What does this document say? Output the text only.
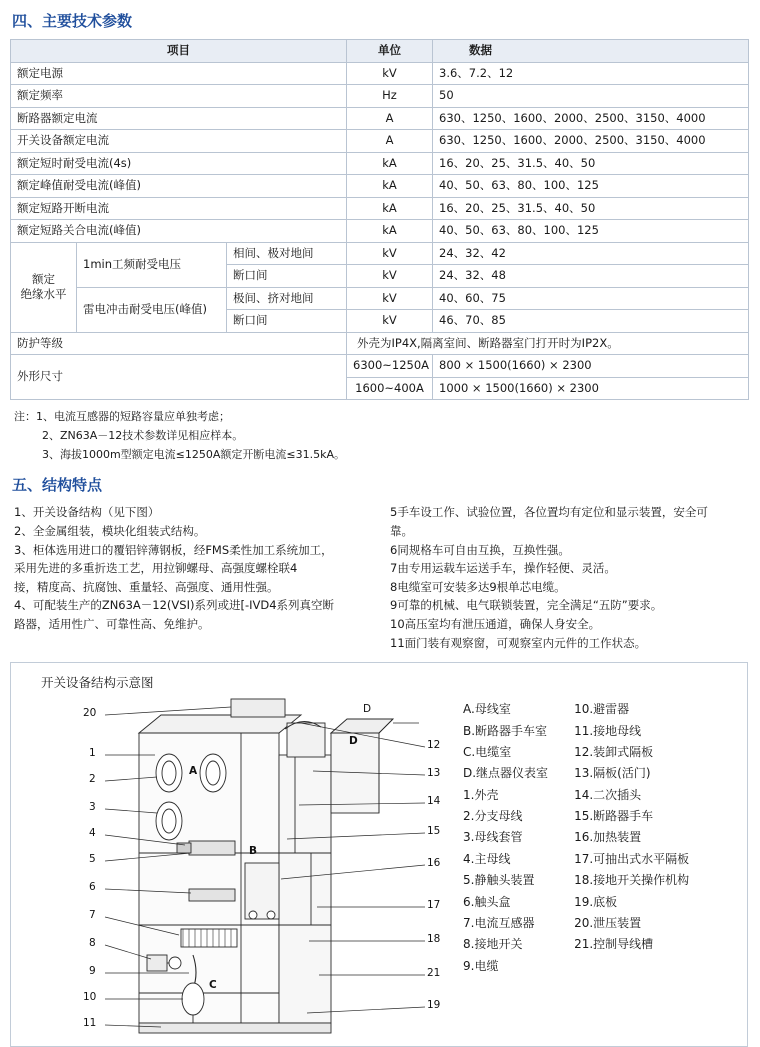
四、主要技术参数
项目			单位	数据
额定电源			kV	3.6、7.2、12
额定频率			Hz	50
断路器额定电流			A	630、1250、1600、2000、2500、3150、4000
开关设备额定电流			A	630、1250、1600、2000、2500、3150、4000
额定短时耐受电流(4s)			kA	16、20、25、31.5、40、50
额定峰值耐受电流(峰值)			kA	40、50、63、80、100、125
额定短路开断电流			kA	16、20、25、31.5、40、50
额定短路关合电流(峰值)			kA	40、50、63、80、100、125

额定
绝缘水平	1min工频耐受电压	相间、极对地间	kV	24、32、42
		断口间	kV	24、32、48
	雷电冲击耐受电压(峰值)	极间、挤对地间	kV	40、60、75
		断口间	kV	46、70、85
防护等级			外壳为IP4X,隔离室间、断路器室门打开时为IP2X。	
外形尺寸			6300~1250A	800 × 1500(1660) × 2300
			1600~400A	1000 × 1500(1660) × 2300
注：1、电流互感器的短路容量应单独考虑；
2、ZN63A－12技术参数详见相应样本。
3、海拔1000m型额定电流≤1250A额定开断电流≤31.5kA。
五、结构特点

1、开关设备结构（见下图）

2、全金属组装，模块化组装式结构。

3、柜体选用进口的覆铝锌薄钢板，经FMS柔性加工系统加工，

采用先进的多重折迭工艺，用拉铆螺母、高强度螺栓联4

接，精度高、抗腐蚀、重量轻、高强度、通用性强。

4、可配装生产的ZN63A－12(VSI)系列或进[-IVD4系列真空断

路器，适用性广、可靠性高、免维护。

5手车设工作、试验位置，各位置均有定位和显示装置，安全可

靠。

6同规格车可自由互换，互换性强。

7由专用运载车运送手车，操作轻便、灵活。

8电缆室可安装多达9根单芯电缆。

9可靠的机械、电气联锁装置，完全满足“五防”要求。

10高压室均有泄压通道，确保人身安全。

11面门装有观察窗，可观察室内元件的工作状态。

开关设备结构示意图

A.母线室

B.断路器手车室

C.电缆室

D.继点器仪表室

1.外壳

2.分支母线

3.母线套管

4.主母线

5.静触头装置

6.触头盒

7.电流互感器

8.接地开关

9.电缆

10.避雷器

11.接地母线

12.装卸式隔板

13.隔板(活门)

14.二次插头

15.断路器手车

16.加热装置

17.可抽出式水平隔板

18.接地开关操作机构

19.底板

20.泄压装置

21.控制导线槽

20
1
2
3
4
5
6
7
8
9
10
11
D
12
13
14
15
16
17
18
21
19
A
B
C
D
